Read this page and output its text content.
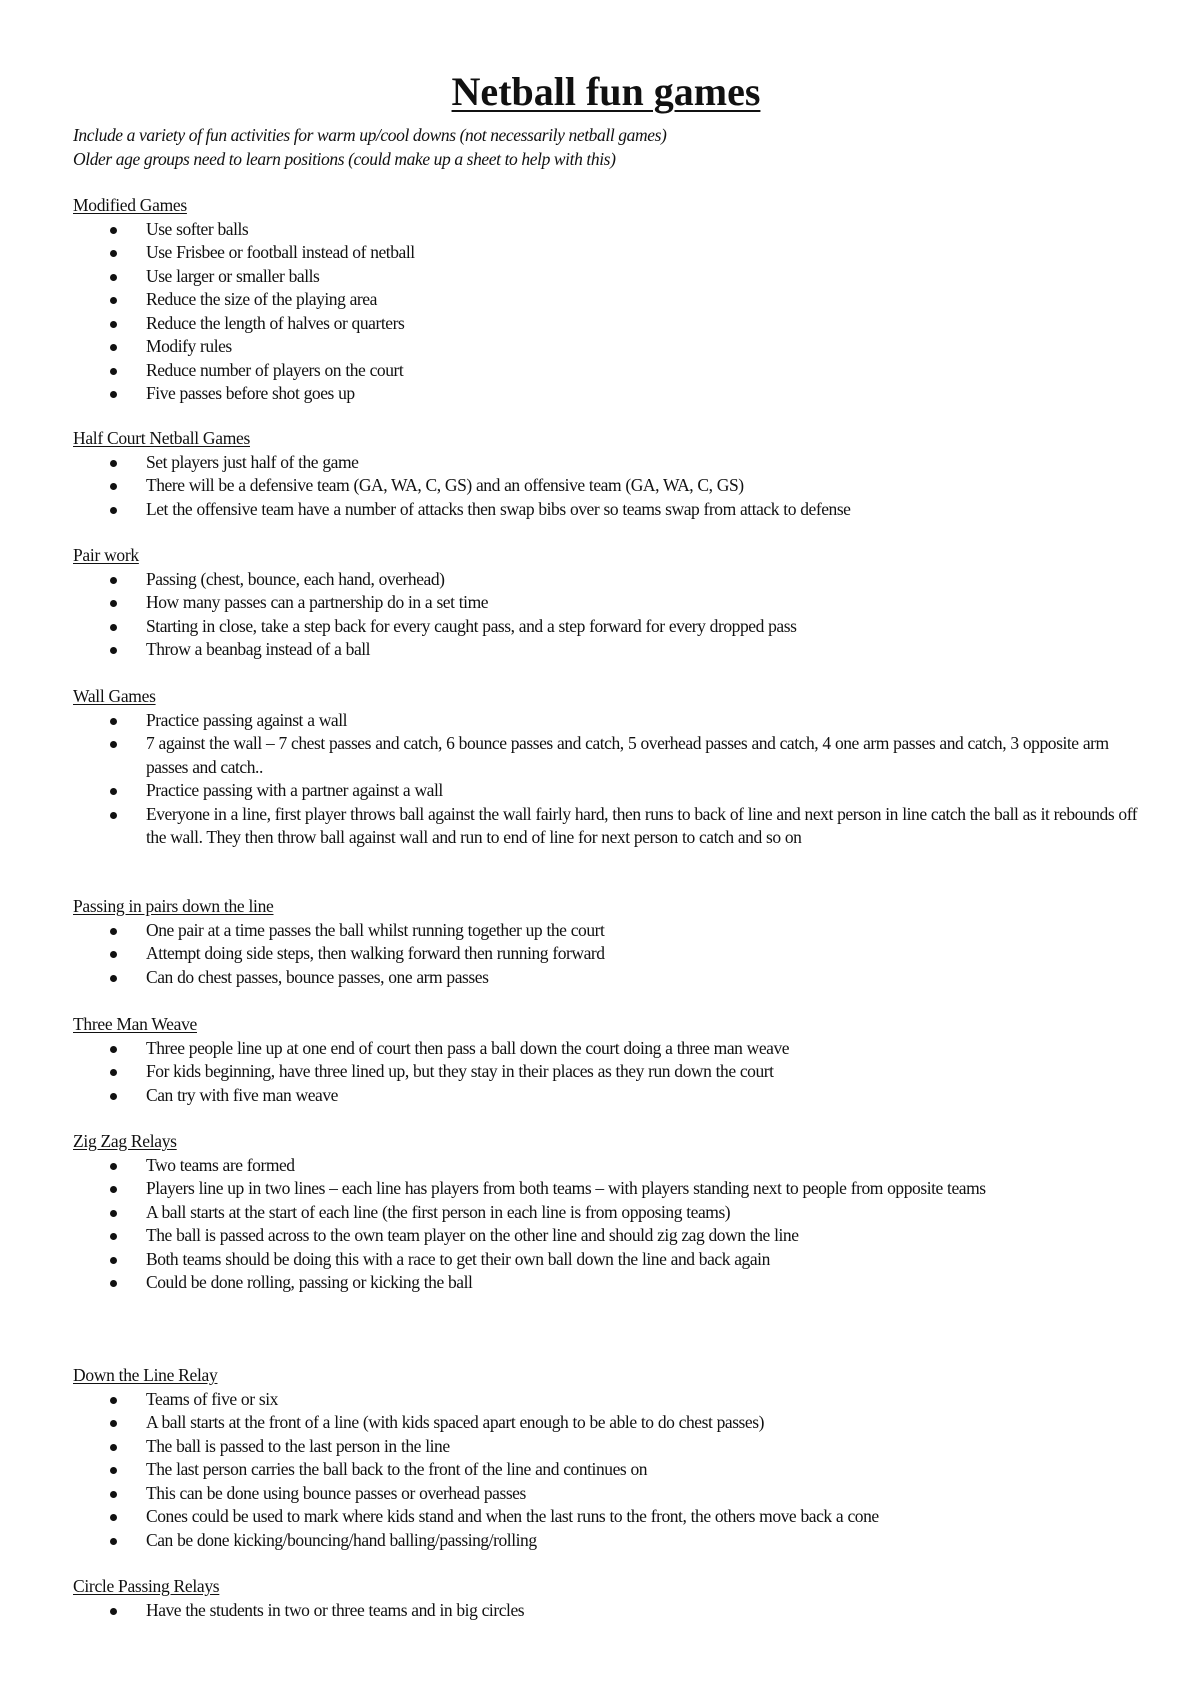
Netball fun games
Include a variety of fun activities for warm up/cool downs (not necessarily netball games)
Older age groups need to learn positions (could make up a sheet to help with this)
Modified Games
Use softer balls
Use Frisbee or football instead of netball
Use larger or smaller balls
Reduce the size of the playing area
Reduce the length of halves or quarters
Modify rules
Reduce number of players on the court
Five passes before shot goes up
Half Court Netball Games
Set players just half of the game
There will be a defensive team (GA, WA, C, GS) and an offensive team (GA, WA, C, GS)
Let the offensive team have a number of attacks then swap bibs over so teams swap from attack to defense
Pair work
Passing (chest, bounce, each hand, overhead)
How many passes can a partnership do in a set time
Starting in close, take a step back for every caught pass, and a step forward for every dropped pass
Throw a beanbag instead of a ball
Wall Games
Practice passing against a wall
7 against the wall – 7 chest passes and catch, 6 bounce passes and catch, 5 overhead passes and catch, 4 one arm passes and catch, 3 opposite arm passes and catch..
Practice passing with a partner against a wall
Everyone in a line, first player throws ball against the wall fairly hard, then runs to back of line and next person in line catch the ball as it rebounds off the wall. They then throw ball against wall and run to end of line for next person to catch and so on
Passing in pairs down the line
One pair at a time passes the ball whilst running together up the court
Attempt doing side steps, then walking forward then running forward
Can do chest passes, bounce passes, one arm passes
Three Man Weave
Three people line up at one end of court then pass a ball down the court doing a three man weave
For kids beginning, have three lined up, but they stay in their places as they run down the court
Can try with five man weave
Zig Zag Relays
Two teams are formed
Players line up in two lines – each line has players from both teams – with players standing next to people from opposite teams
A ball starts at the start of each line (the first person in each line is from opposing teams)
The ball is passed across to the own team player on the other line and should zig zag down the line
Both teams should be doing this with a race to get their own ball down the line and back again
Could be done rolling, passing or kicking the ball
Down the Line Relay
Teams of five or six
A ball starts at the front of a line (with kids spaced apart enough to be able to do chest passes)
The ball is passed to the last person in the line
The last person carries the ball back to the front of the line and continues on
This can be done using bounce passes or overhead passes
Cones could be used to mark where kids stand and when the last runs to the front, the others move back a cone
Can be done kicking/bouncing/hand balling/passing/rolling
Circle Passing Relays
Have the students in two or three teams and in big circles
